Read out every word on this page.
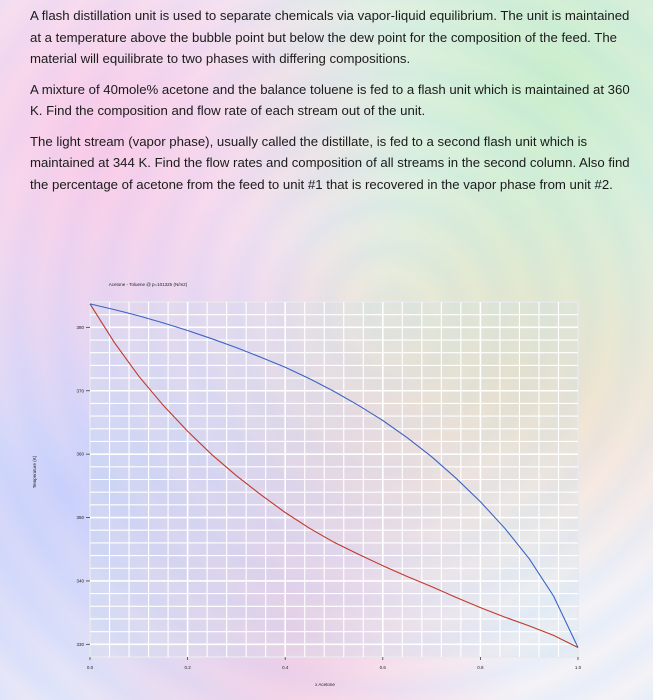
A flash distillation unit is used to separate chemicals via vapor-liquid equilibrium. The unit is maintained at a temperature above the bubble point but below the dew point for the composition of the feed. The material will equilibrate to two phases with differing compositions.

A mixture of 40mole% acetone and the balance toluene is fed to a flash unit which is maintained at 360 K. Find the composition and flow rate of each stream out of the unit.

The light stream (vapor phase), usually called the distillate, is fed to a second flash unit which is maintained at 344 K. Find the flow rates and composition of all streams in the second column. Also find the percentage of acetone from the feed to unit #1 that is recovered in the vapor phase from unit #2.

Acetone - Toluene @ p=101325 (N/m2)
380
370
360
350
340
330
0.0	0.2	0.4	0.6	0.8	1.0
Temperature (K)
x Acetone
